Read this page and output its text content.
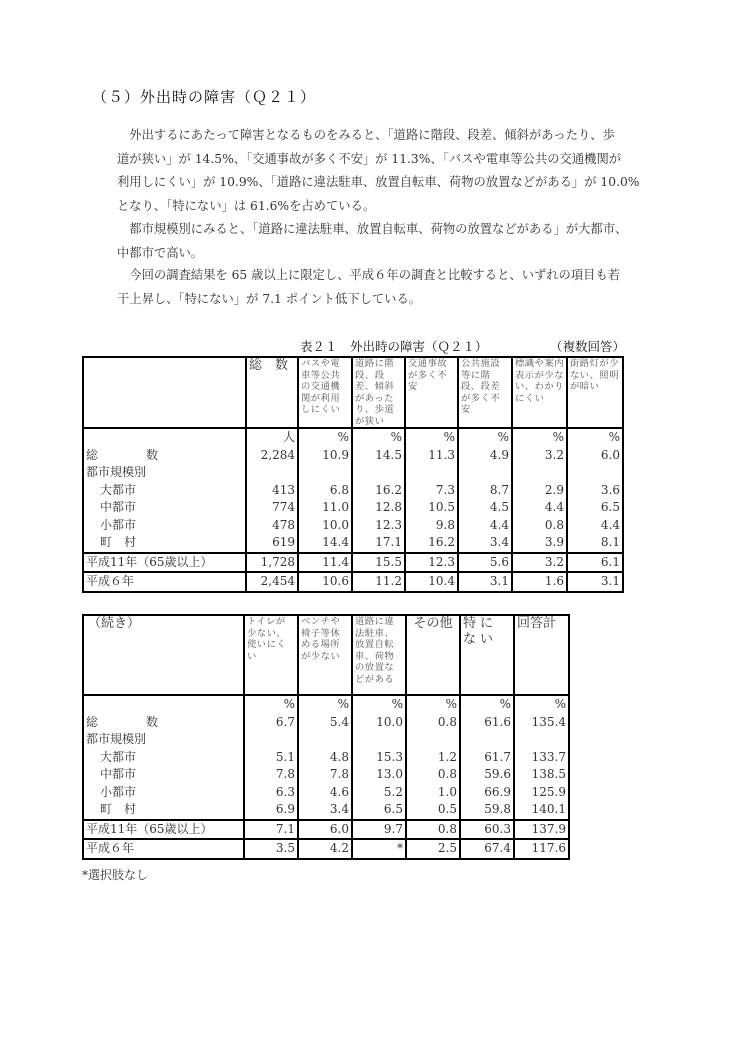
（５）外出時の障害（Ｑ２１）

外出するにあたって障害となるものをみると、「道路に階段、段差、傾斜があったり、歩

道が狭い」が 14.5%、「交通事故が多く不安」が 11.3%、「バスや電車等公共の交通機関が

利用しにくい」が 10.9%、「道路に違法駐車、放置自転車、荷物の放置などがある」が 10.0%

となり、「特にない」は 61.6%を占めている。

都市規模別にみると、「道路に違法駐車、放置自転車、荷物の放置などがある」が大都市、

中都市で高い。

今回の調査結果を 65 歳以上に限定し、平成６年の調査と比較すると、いずれの項目も若

干上昇し、「特にない」が 7.1 ポイント低下している。

表２１　外出時の障害（Ｑ２１）	（複数回答）
	総　数	バスや電車等公共の交通機関が利用しにくい	道路に階段、段差、傾斜があったり、歩道が狭い	交通事故が多く不安	公共施設等に階段、段差が多く不安	標識や案内表示が少ない、わかりにくい	街路灯が少ない、照明が暗い
	人	%	%	%	%	%	%
総　　　　数	2,284	10.9	14.5	11.3	4.9	3.2	6.0
都市規模別							
大都市	413	6.8	16.2	7.3	8.7	2.9	3.6
中都市	774	11.0	12.8	10.5	4.5	4.4	6.5
小都市	478	10.0	12.3	9.8	4.4	0.8	4.4
町　村	619	14.4	17.1	16.2	3.4	3.9	8.1
平成11年（65歳以上）	1,728	11.4	15.5	12.3	5.6	3.2	6.1
平成６年	2,454	10.6	11.2	10.4	3.1	1.6	3.1
（続き）	トイレが少ない、使いにくい	ベンチや椅子等休める場所が少ない	道路に違法駐車、放置自転車、荷物の放置などがある	その他	特にない	回答計
	%	%	%	%	%	%
総　　　　数	6.7	5.4	10.0	0.8	61.6	135.4
都市規模別						
大都市	5.1	4.8	15.3	1.2	61.7	133.7
中都市	7.8	7.8	13.0	0.8	59.6	138.5
小都市	6.3	4.6	5.2	1.0	66.9	125.9
町　村	6.9	3.4	6.5	0.5	59.8	140.1
平成11年（65歳以上）	7.1	6.0	9.7	0.8	60.3	137.9
平成６年	3.5	4.2	*	2.5	67.4	117.6
*選択肢なし
